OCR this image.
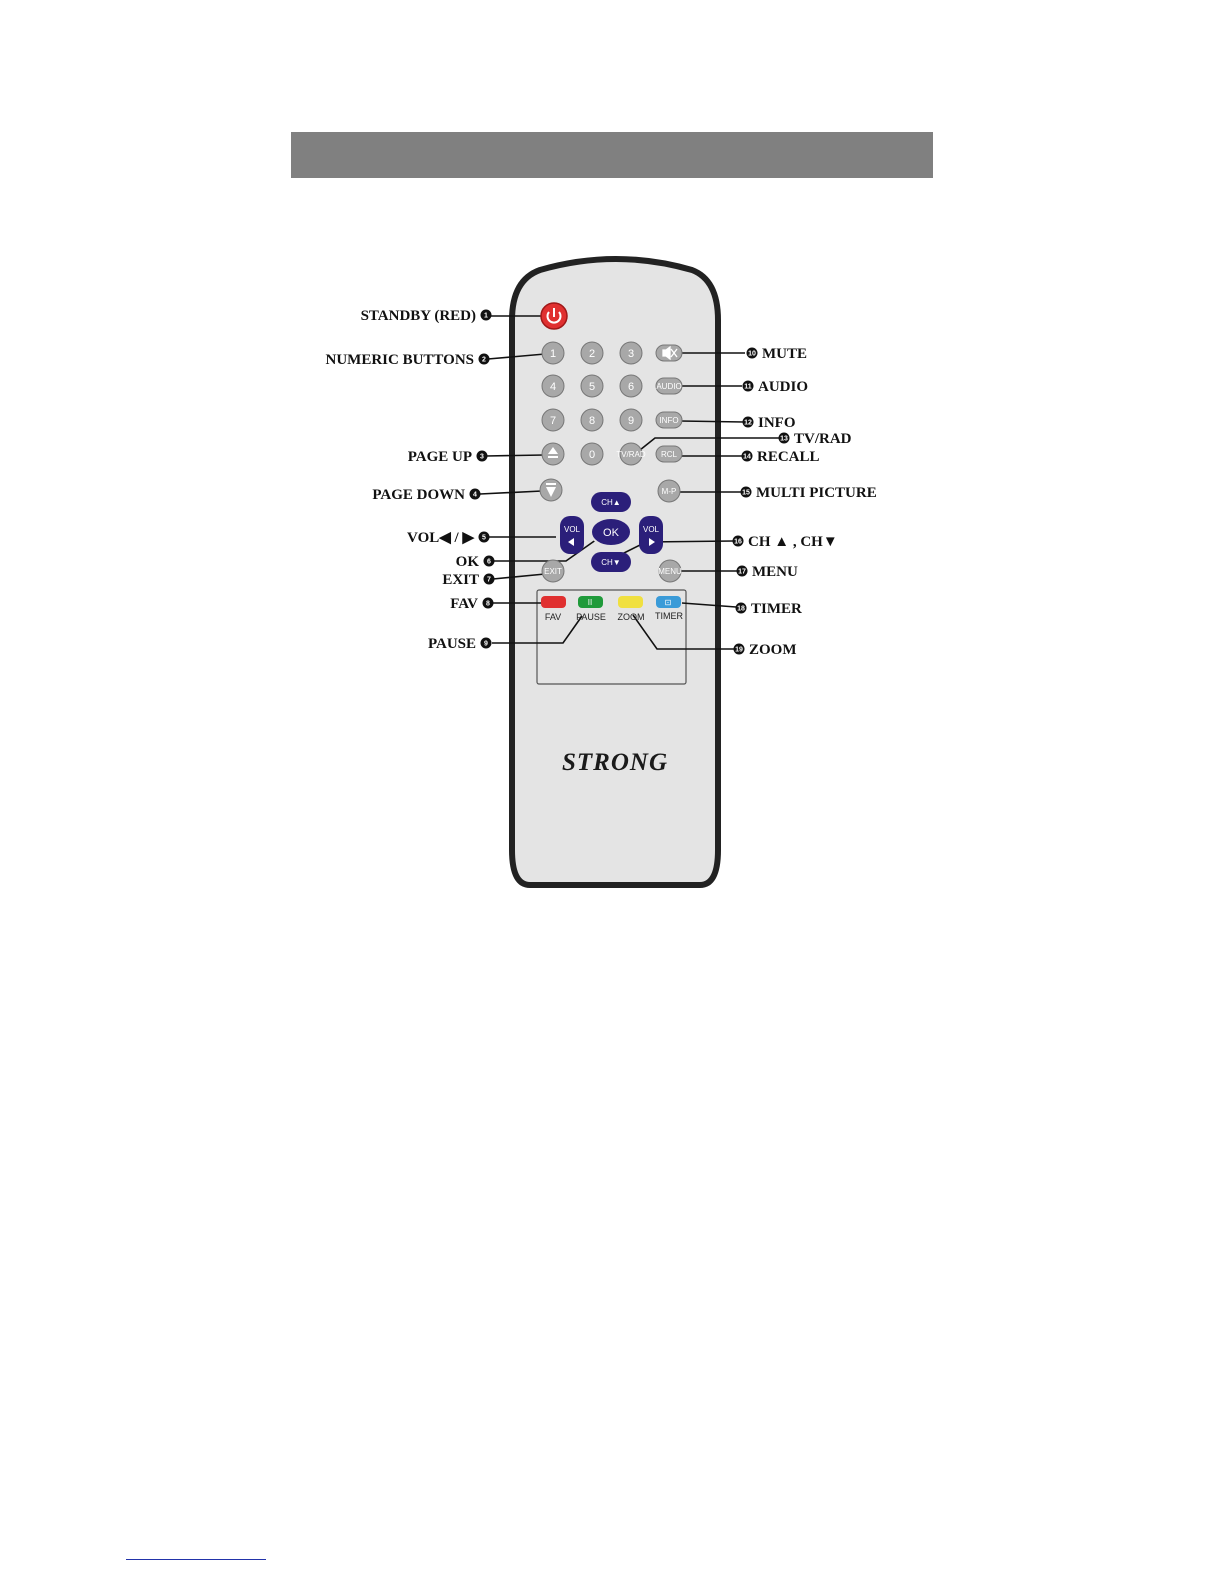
1	2	3
4	5	6
7	8	9
0	TV/RAD
AUDIO
INFO
RCL
M-P
EXIT	MENU
CH▲
CH▼
VOL	VOL
OK
II	⊡
FAV PAUSE ZOOM TIMER
STRONG
1
STANDBY (RED)
2
NUMERIC BUTTONS
3
PAGE UP
4
PAGE DOWN
5
VOL◀ / ▶
6
OK
7
EXIT
8
FAV
9
PAUSE
10 MUTE
11 AUDIO
12 INFO
13 TV/RAD
14 RECALL
15 MULTI PICTURE
16 CH ▲ , CH▼
17 MENU
18 TIMER
19 ZOOM
